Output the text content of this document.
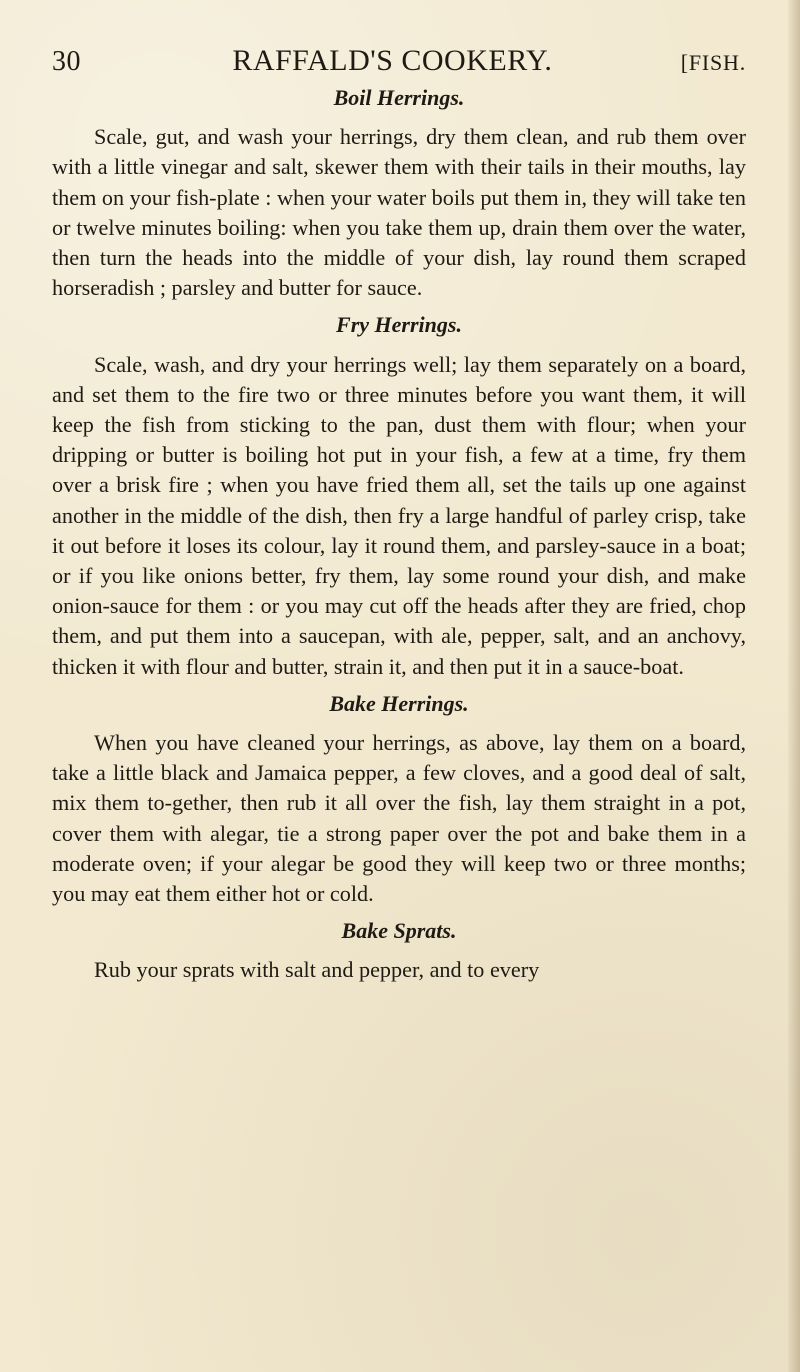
30	RAFFALD'S COOKERY.	[FISH.
Boil Herrings.

Scale, gut, and wash your herrings, dry them clean, and rub them over with a little vinegar and salt, skewer them with their tails in their mouths, lay them on your fish-plate : when your water boils put them in, they will take ten or twelve minutes boiling: when you take them up, drain them over the water, then turn the heads into the middle of your dish, lay round them scraped horseradish ; parsley and butter for sauce.

Fry Herrings.

Scale, wash, and dry your herrings well; lay them separately on a board, and set them to the fire two or three minutes before you want them, it will keep the fish from sticking to the pan, dust them with flour; when your dripping or butter is boiling hot put in your fish, a few at a time, fry them over a brisk fire ; when you have fried them all, set the tails up one against another in the middle of the dish, then fry a large handful of parley crisp, take it out before it loses its colour, lay it round them, and parsley-sauce in a boat; or if you like onions better, fry them, lay some round your dish, and make onion-sauce for them : or you may cut off the heads after they are fried, chop them, and put them into a saucepan, with ale, pepper, salt, and an anchovy, thicken it with flour and butter, strain it, and then put it in a sauce-boat.

Bake Herrings.

When you have cleaned your herrings, as above, lay them on a board, take a little black and Jamaica pepper, a few cloves, and a good deal of salt, mix them to-gether, then rub it all over the fish, lay them straight in a pot, cover them with alegar, tie a strong paper over the pot and bake them in a moderate oven; if your alegar be good they will keep two or three months; you may eat them either hot or cold.

Bake Sprats.

Rub your sprats with salt and pepper, and to every
